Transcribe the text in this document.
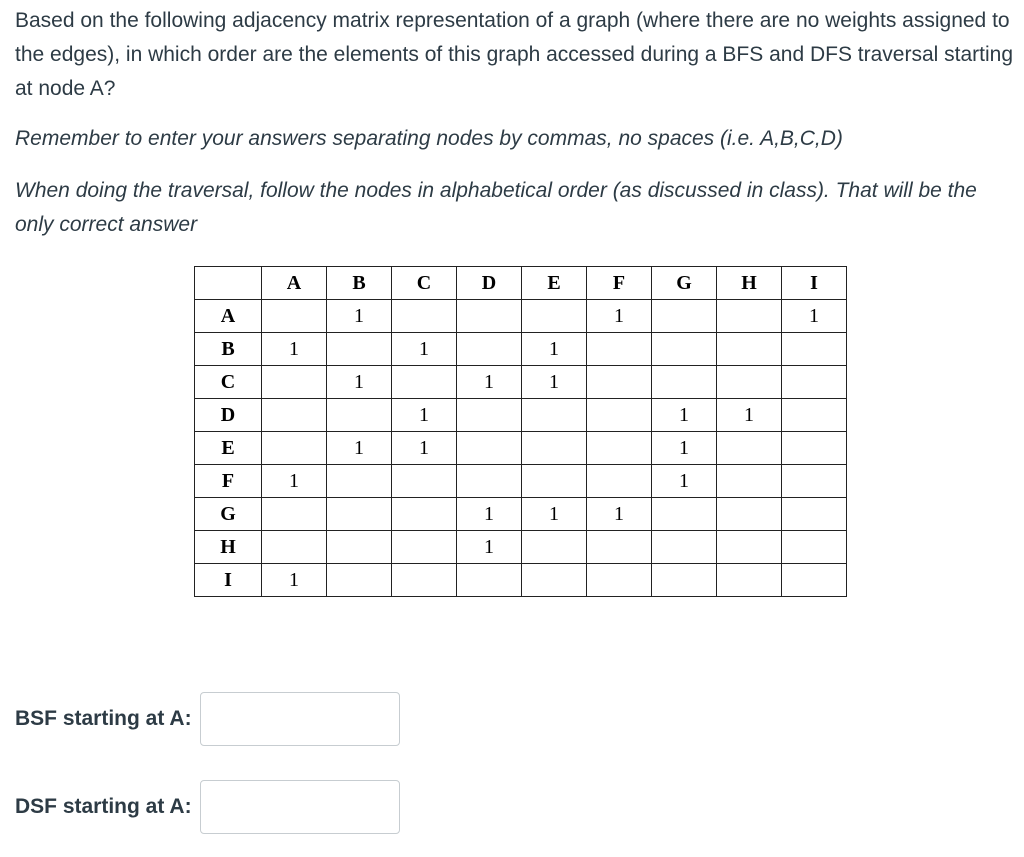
Based on the following adjacency matrix representation of a graph (where there are no weights assigned to the edges), in which order are the elements of this graph accessed during a BFS and DFS traversal starting at node A?

Remember to enter your answers separating nodes by commas, no spaces (i.e. A,B,C,D)

When doing the traversal, follow the nodes in alphabetical order (as discussed in class). That will be the only correct answer

	A	B	C	D	E	F	G	H	I
A		1				1			1
B	1		1		1				
C		1		1	1				
D			1				1	1	
E		1	1				1		
F	1						1		
G				1	1	1			
H				1					
I	1								
BSF starting at A:
DSF starting at A:
